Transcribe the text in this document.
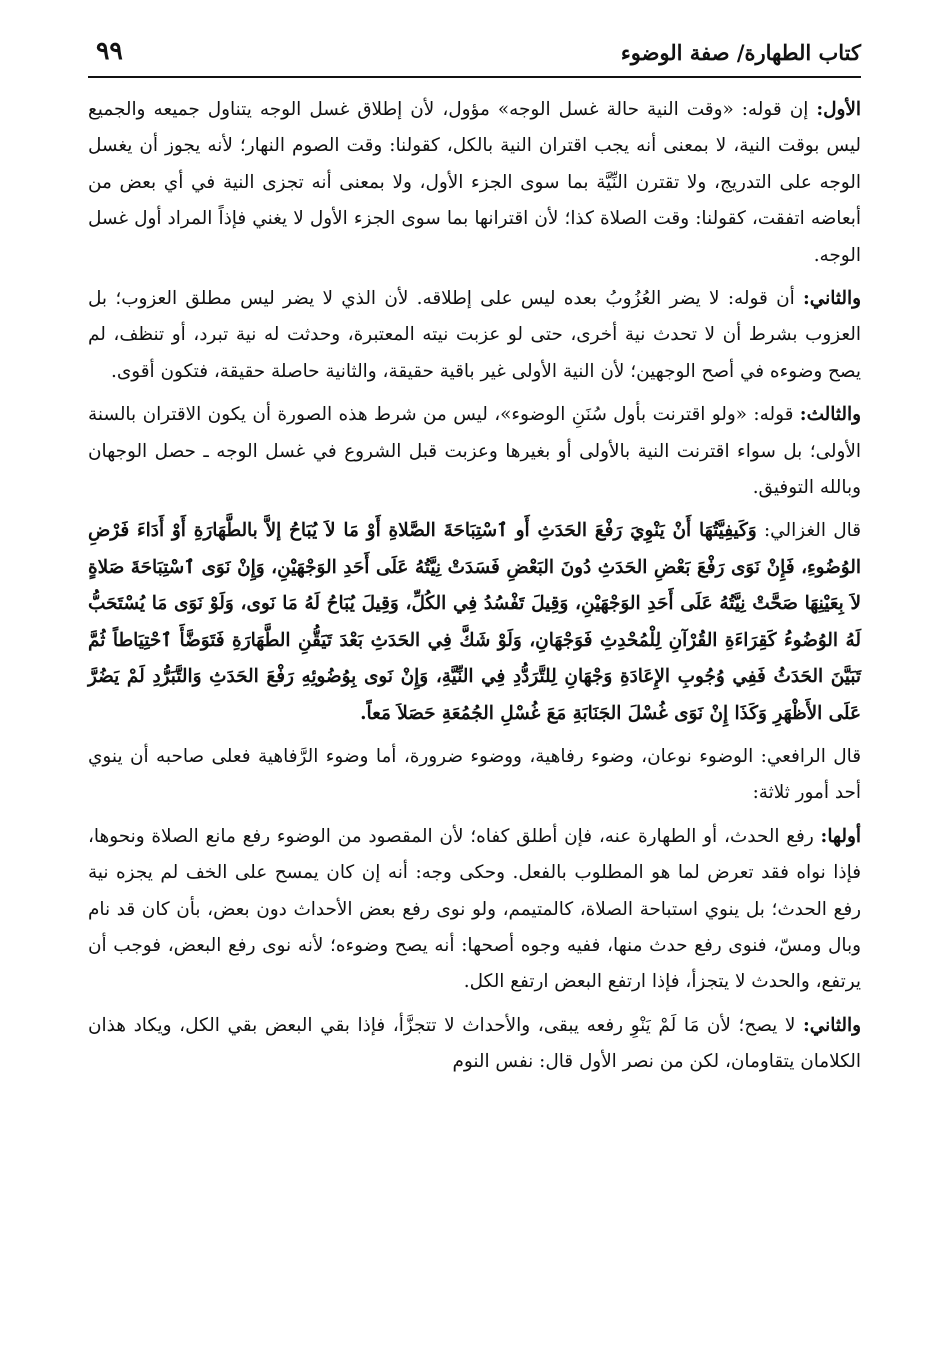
كتاب الطهارة/ صفة الوضوء
٩٩

الأول: إن قوله: «وقت النية حالة غسل الوجه» مؤول، لأن إطلاق غسل الوجه يتناول جميعه والجميع ليس بوقت النية، لا بمعنى أنه يجب اقتران النية بالكل، كقولنا: وقت الصوم النهار؛ لأنه يجوز أن يغسل الوجه على التدريج، ولا تقترن النِّيَّة بما سوى الجزء الأول، ولا بمعنى أنه تجزى النية في أي بعض من أبعاضه اتفقت، كقولنا: وقت الصلاة كذا؛ لأن اقترانها بما سوى الجزء الأول لا يغني فإذاً المراد أول غسل الوجه.

والثاني: أن قوله: لا يضر العُزُوبُ بعده ليس على إطلاقه. لأن الذي لا يضر ليس مطلق العزوب؛ بل العزوب بشرط أن لا تحدث نية أخرى، حتى لو عزبت نيته المعتبرة، وحدثت له نية تبرد، أو تنظف، لم يصح وضوءه في أصح الوجهين؛ لأن النية الأولى غير باقية حقيقة، والثانية حاصلة حقيقة، فتكون أقوى.

والثالث: قوله: «ولو اقترنت بأول سُنَنِ الوضوء»، ليس من شرط هذه الصورة أن يكون الاقتران بالسنة الأولى؛ بل سواء اقترنت النية بالأولى أو بغيرها وعزبت قبل الشروع في غسل الوجه ـ حصل الوجهان وبالله التوفيق.

قال الغزالي: وَكَيفِيَّتُهَا أَنْ يَنْوِيَ رَفْعَ الحَدَثِ أَو ٱسْتِبَاحَةَ الصَّلاةِ أَوْ مَا لاَ يُبَاحُ إلاَّ بالطَّهَارَةِ أَوْ أَدَاءَ فَرْضِ الوُضُوءِ، فَإِنْ نَوَى رَفْعَ بَعْضِ الحَدَثِ دُونَ البَعْضِ فَسَدَتْ نِيَّتُهُ عَلَى أَحَدِ الوَجْهَيْنِ، وَإِنْ نَوَى ٱسْتِبَاحَةَ صَلاةٍ لاَ بِعَيْنِهَا صَحَّتْ نِيَّتُهُ عَلَى أَحَدِ الوَجْهَيْنِ، وَقِيلَ تَفْسُدُ فِي الكُلِّ، وَقِيلَ يُبَاحُ لَهُ مَا نَوى، وَلَوْ نَوَى مَا يُسْتَحَبُّ لَهُ الوُضُوءُ كَقِرَاءَةِ القُرْآنِ لِلْمُحْدِثِ فَوَجْهَانِ، وَلَوْ شَكَّ فِي الحَدَثِ بَعْدَ تَيَقُّنِ الطَّهَارَةِ فَتَوَضَّأَ ٱحْتِيَاطاً ثُمَّ تَبَيَّنَ الحَدَثُ فَفِي وُجُوبِ الإِعَادَةِ وَجْهَانِ لِلتَّرَدُّدِ فِي النِّيَّةِ، وَإِنْ نَوى بِوُضُوئِهِ رَفْعَ الحَدَثِ وَالتَّبَرُّدِ لَمْ يَضُرَّ عَلَى الأَظْهَرِ وَكَذَا إِنْ نَوَى غُسْلَ الجَنَابَةِ مَعَ غُسْلِ الجُمُعَةِ حَصَلاَ مَعاً.

قال الرافعي: الوضوء نوعان، وضوء رفاهية، ووضوء ضرورة، أما وضوء الرَّفاهية فعلى صاحبه أن ينوي أحد أمور ثلاثة:

أولها: رفع الحدث، أو الطهارة عنه، فإن أطلق كفاه؛ لأن المقصود من الوضوء رفع مانع الصلاة ونحوها، فإذا نواه فقد تعرض لما هو المطلوب بالفعل. وحكى وجه: أنه إن كان يمسح على الخف لم يجزه نية رفع الحدث؛ بل ينوي استباحة الصلاة، كالمتيمم، ولو نوى رفع بعض الأحداث دون بعض، بأن كان قد نام وبال ومسّ، فنوى رفع حدث منها، ففيه وجوه أصحها: أنه يصح وضوءه؛ لأنه نوى رفع البعض، فوجب أن يرتفع، والحدث لا يتجزأ، فإذا ارتفع البعض ارتفع الكل.

والثاني: لا يصح؛ لأن مَا لَمْ يَنْوِ رفعه يبقى، والأحداث لا تتجزَّأ، فإذا بقي البعض بقي الكل، ويكاد هذان الكلامان يتقاومان، لكن من نصر الأول قال: نفس النوم
